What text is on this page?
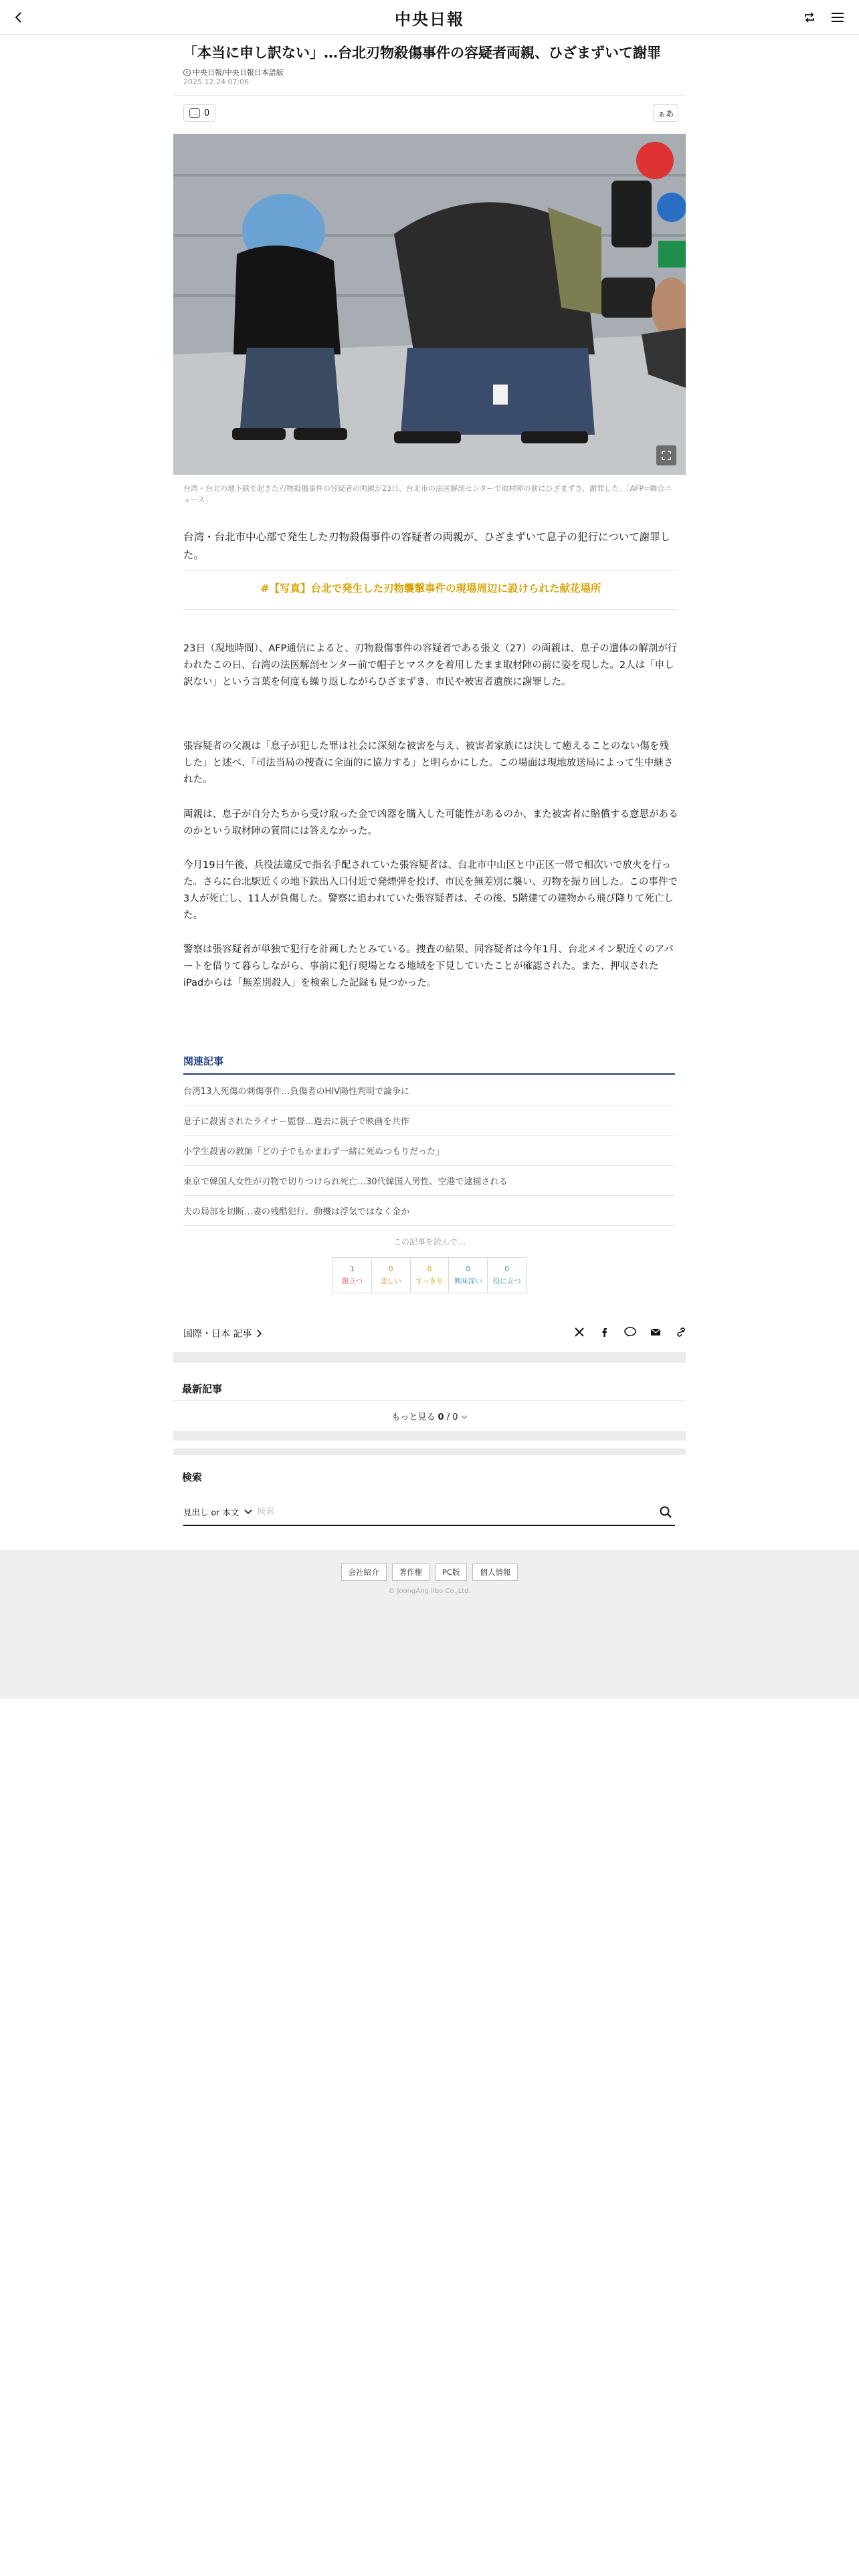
中央日報
「本当に申し訳ない」…台北刃物殺傷事件の容疑者両親、ひざまずいて謝罪
c 中央日報/中央日報日本語版
2025.12.24 07:06
… 0	ぁあ
台湾・台北の地下鉄で起きた刃物殺傷事件の容疑者の両親が23日、台北市の法医解剖センターで取材陣の前にひざまずき、謝罪した。［AFP=聯合ニュース］

台湾・台北市中心部で発生した刃物殺傷事件の容疑者の両親が、ひざまずいて息子の犯行について謝罪した。

#【写真】台北で発生した刃物襲撃事件の現場周辺に設けられた献花場所

23日（現地時間）、AFP通信によると、刃物殺傷事件の容疑者である張文（27）の両親は、息子の遺体の解剖が行われたこの日、台湾の法医解剖センター前で帽子とマスクを着用したまま取材陣の前に姿を現した。2人は「申し訳ない」という言葉を何度も繰り返しながらひざまずき、市民や被害者遺族に謝罪した。

張容疑者の父親は「息子が犯した罪は社会に深刻な被害を与え、被害者家族には決して癒えることのない傷を残した」と述べ、「司法当局の捜査に全面的に協力する」と明らかにした。この場面は現地放送局によって生中継された。

両親は、息子が自分たちから受け取った金で凶器を購入した可能性があるのか、また被害者に賠償する意思があるのかという取材陣の質問には答えなかった。

今月19日午後、兵役法違反で指名手配されていた張容疑者は、台北市中山区と中正区一帯で相次いで放火を行った。さらに台北駅近くの地下鉄出入口付近で発煙弾を投げ、市民を無差別に襲い、刃物を振り回した。この事件で3人が死亡し、11人が負傷した。警察に追われていた張容疑者は、その後、5階建ての建物から飛び降りて死亡した。

警察は張容疑者が単独で犯行を計画したとみている。捜査の結果、同容疑者は今年1月、台北メイン駅近くのアパートを借りて暮らしながら、事前に犯行現場となる地域を下見していたことが確認された。また、押収されたiPadからは「無差別殺人」を検索した記録も見つかった。

関連記事
台湾13人死傷の刺傷事件…負傷者のHIV陽性判明で論争に
息子に殺害されたライナー監督…過去に親子で映画を共作
小学生殺害の教師「どの子でもかまわず一緒に死ぬつもりだった」
東京で韓国人女性が刃物で切りつけられ死亡…30代韓国人男性、空港で逮捕される
夫の局部を切断…妻の残酷犯行、動機は浮気ではなく金か
この記事を読んで…
1
腹立つ
0
悲しい
0
すっきり
0
興味深い
0
役に立つ
国際・日本 記事
最新記事
もっと見る 0 / 0
検索
見出し or 本文
検索
会社紹介	著作権	PC版	個人情報
© JoongAng Ilbo Co.,Ltd.
